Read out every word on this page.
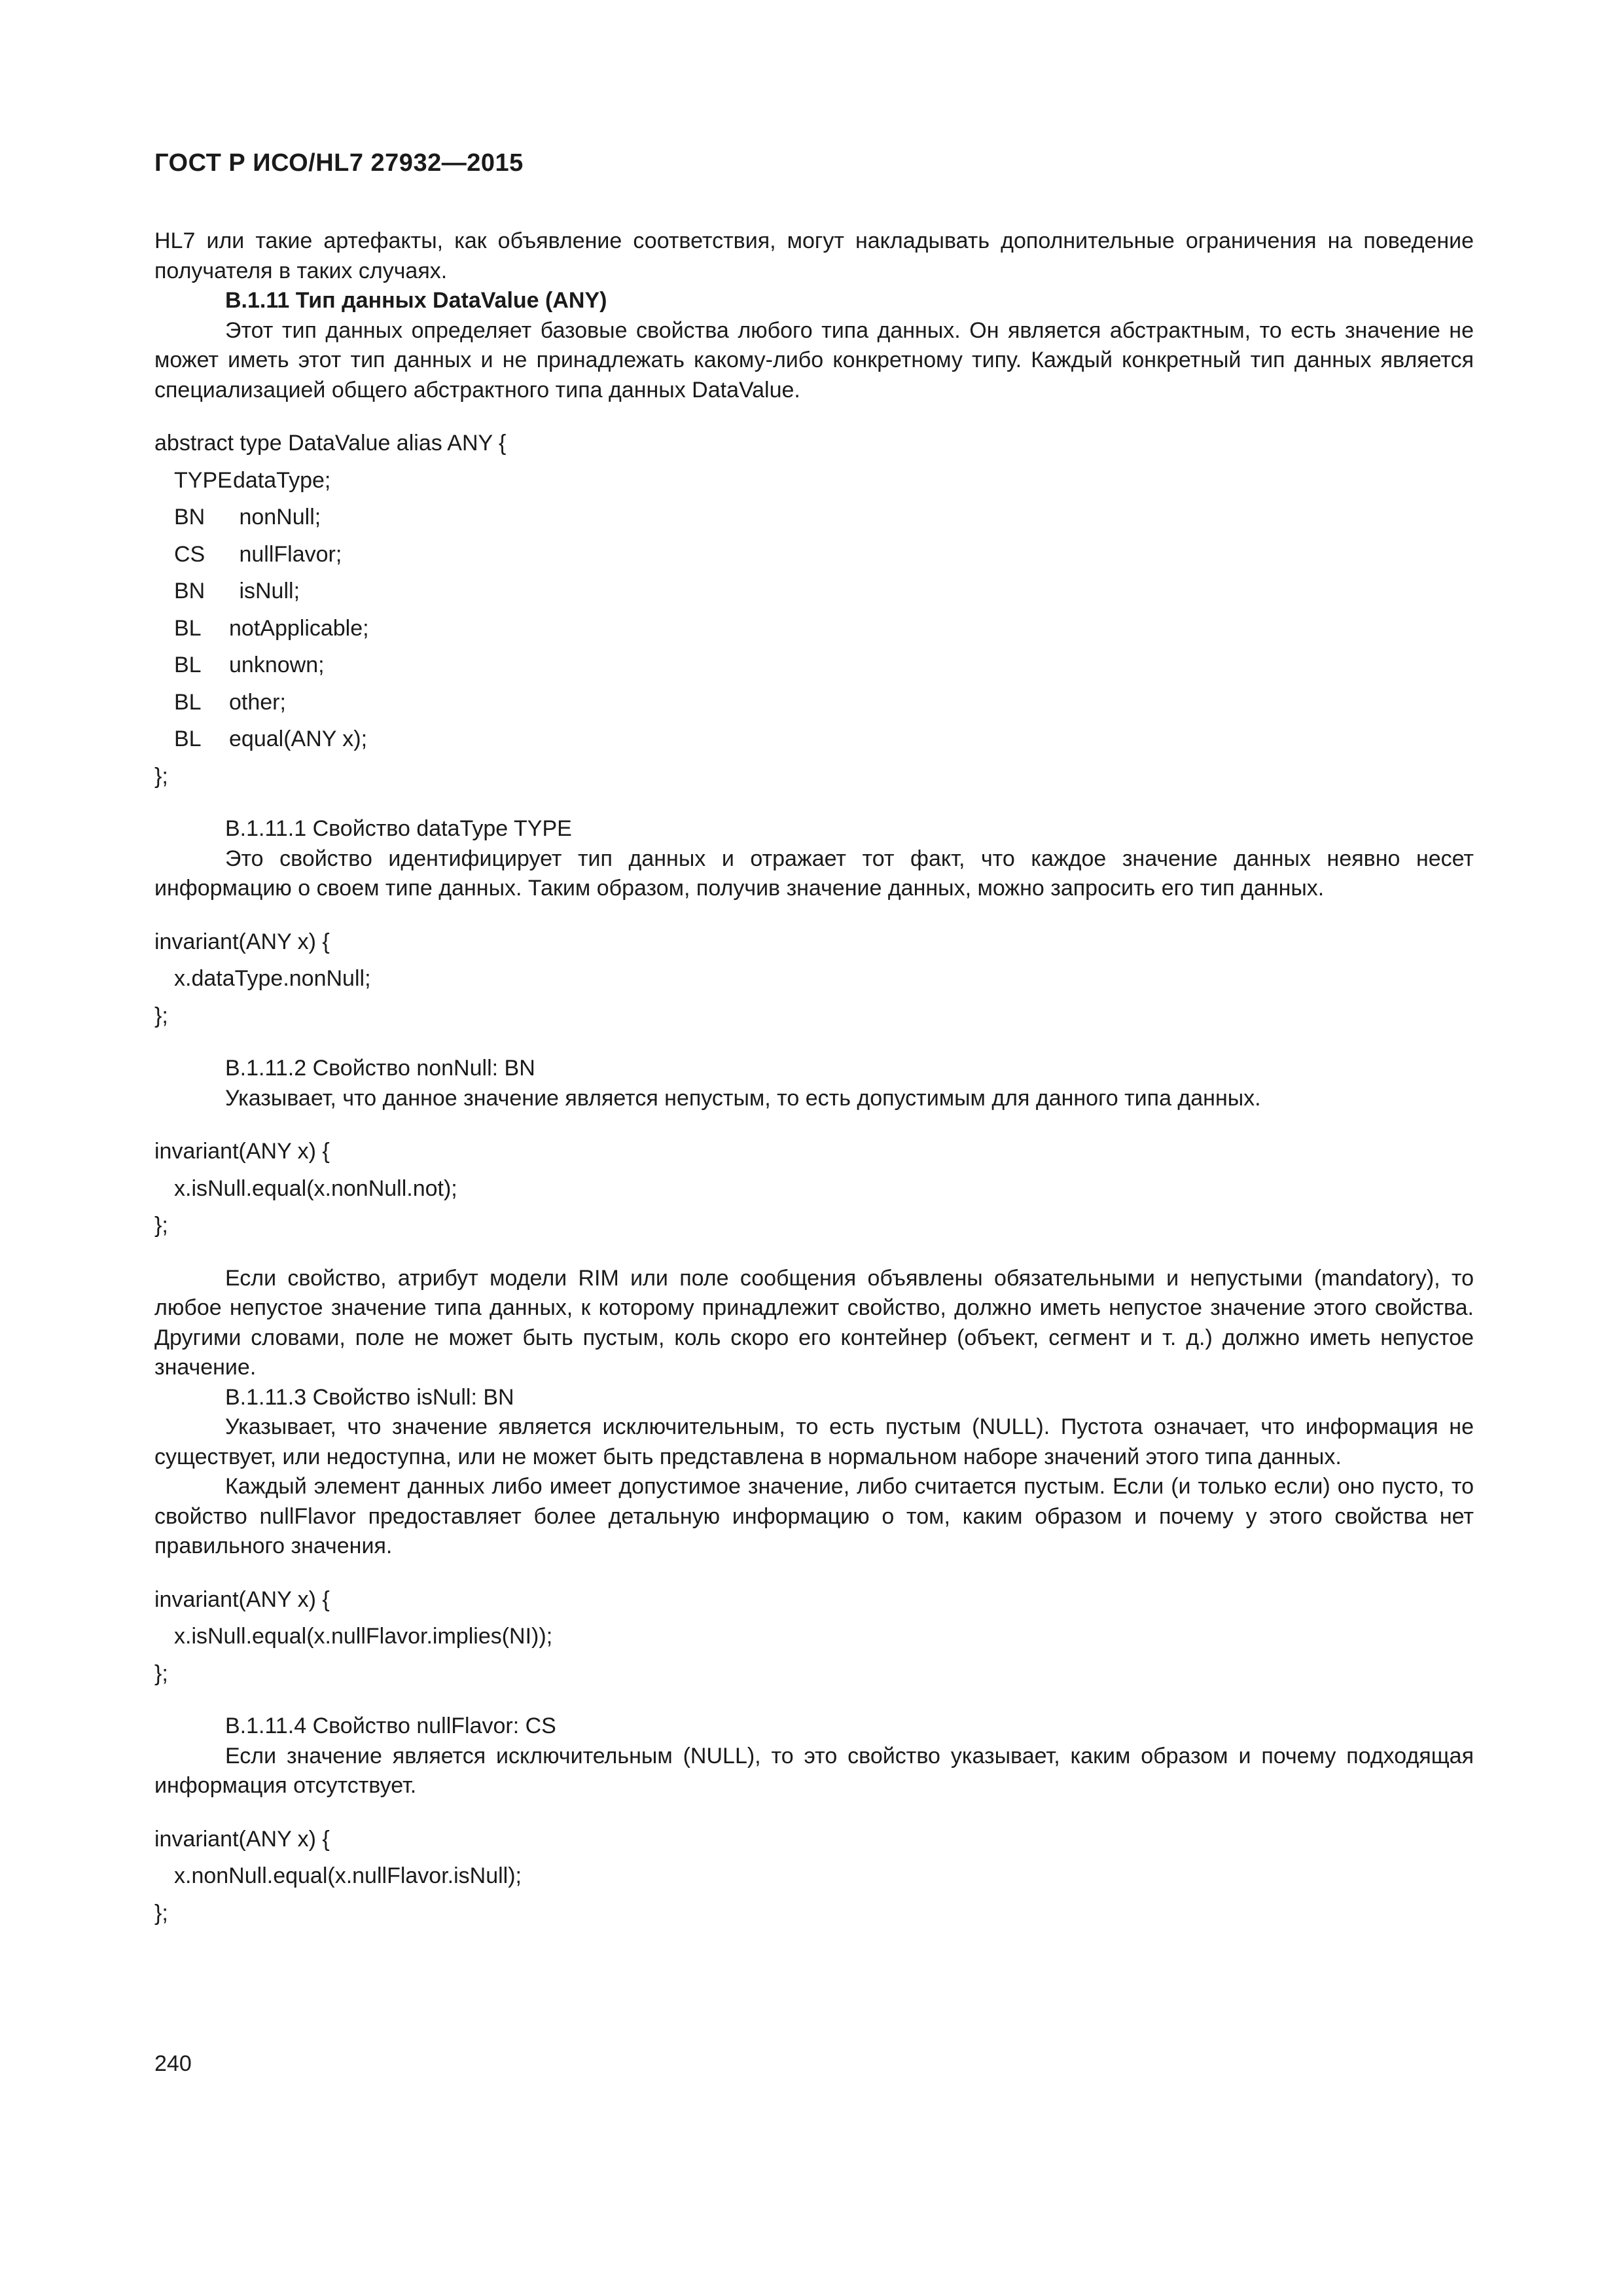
ГОСТ Р ИСО/HL7 27932—2015

HL7 или такие артефакты, как объявление соответствия, могут накладывать дополнительные ограничения на поведение получателя в таких случаях.

B.1.11 Тип данных DataValue (ANY)

Этот тип данных определяет базовые свойства любого типа данных. Он является абстрактным, то есть значение не может иметь этот тип данных и не принадлежать какому-либо конкретному типу. Каждый конкретный тип данных является специализацией общего абстрактного типа данных DataValue.

abstract type DataValue alias ANY {
TYPEdataType;
BN nonNull;
CS nullFlavor;
BN isNull;
BL notApplicable;
BL unknown;
BL other;
BL equal(ANY x);
};

B.1.11.1 Свойство dataType TYPE

Это свойство идентифицирует тип данных и отражает тот факт, что каждое значение данных неявно несет информацию о своем типе данных. Таким образом, получив значение данных, можно запросить его тип данных.

invariant(ANY x) {
x.dataType.nonNull;
};

B.1.11.2 Свойство nonNull: BN

Указывает, что данное значение является непустым, то есть допустимым для данного типа данных.

invariant(ANY x) {
x.isNull.equal(x.nonNull.not);
};

Если свойство, атрибут модели RIM или поле сообщения объявлены обязательными и непустыми (mandatory), то любое непустое значение типа данных, к которому принадлежит свойство, должно иметь непустое значение этого свойства. Другими словами, поле не может быть пустым, коль скоро его контейнер (объект, сегмент и т. д.) должно иметь непустое значение.

B.1.11.3 Свойство isNull: BN

Указывает, что значение является исключительным, то есть пустым (NULL). Пустота означает, что информация не существует, или недоступна, или не может быть представлена в нормальном наборе значений этого типа данных.

Каждый элемент данных либо имеет допустимое значение, либо считается пустым. Если (и только если) оно пусто, то свойство nullFlavor предоставляет более детальную информацию о том, каким образом и почему у этого свойства нет правильного значения.

invariant(ANY x) {
x.isNull.equal(x.nullFlavor.implies(NI));
};

B.1.11.4 Свойство nullFlavor: CS

Если значение является исключительным (NULL), то это свойство указывает, каким образом и почему подходящая информация отсутствует.

invariant(ANY x) {
x.nonNull.equal(x.nullFlavor.isNull);
};
240
